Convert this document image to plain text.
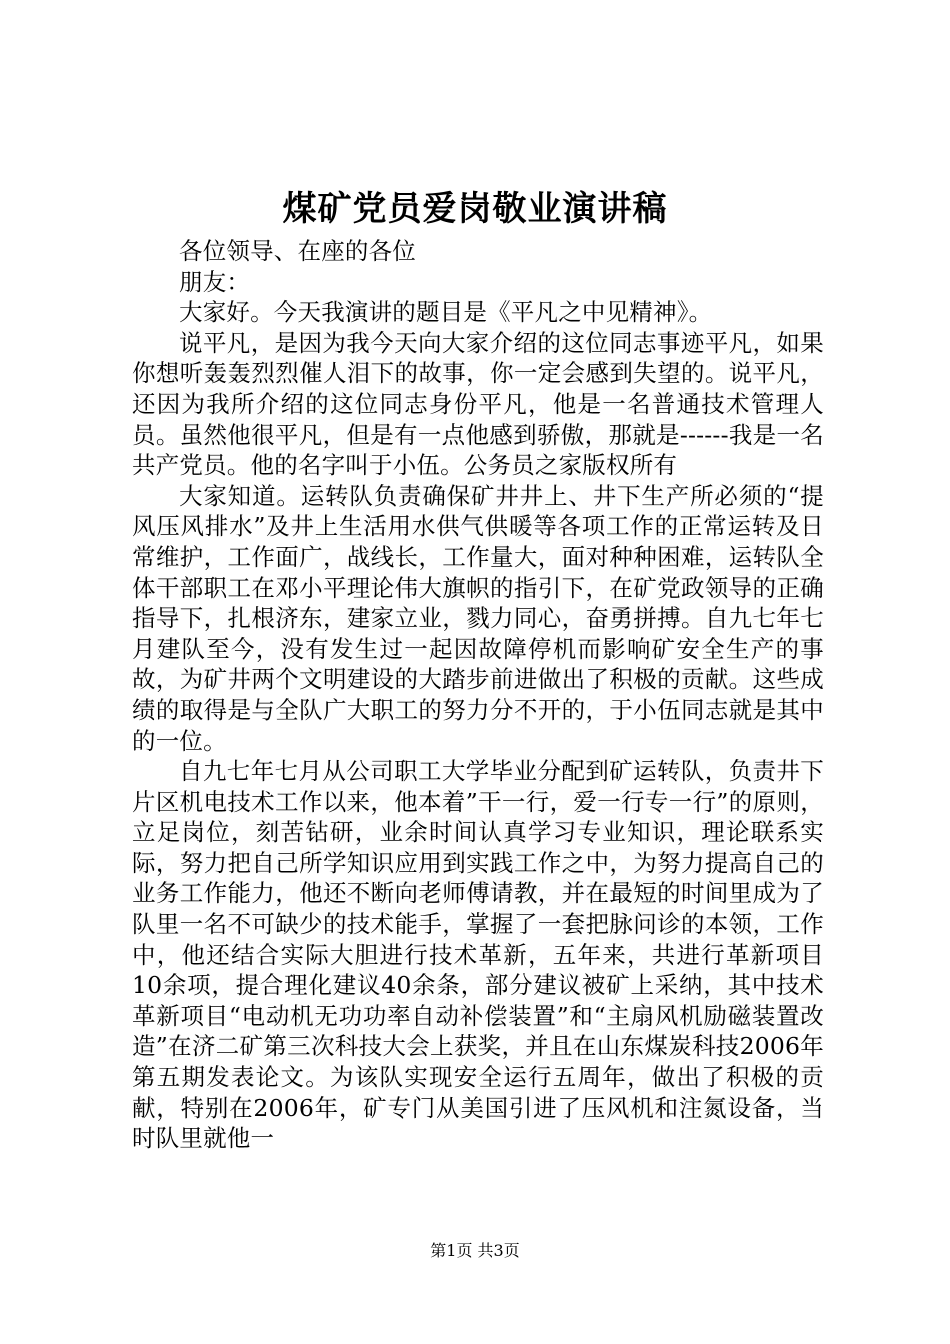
煤矿党员爱岗敬业演讲稿

各位领导、在座的各位

朋友：

大家好。今天我演讲的题目是《平凡之中见精神》。

说平凡，是因为我今天向大家介绍的这位同志事迹平凡，如果你想听轰轰烈烈催人泪下的故事，你一定会感到失望的。说平凡，还因为我所介绍的这位同志身份平凡，他是一名普通技术管理人员。虽然他很平凡，但是有一点他感到骄傲，那就是------我是一名共产党员。他的名字叫于小伍。公务员之家版权所有

大家知道。运转队负责确保矿井井上、井下生产所必须的“提风压风排水”及井上生活用水供气供暖等各项工作的正常运转及日常维护，工作面广，战线长，工作量大，面对种种困难，运转队全体干部职工在邓小平理论伟大旗帜的指引下，在矿党政领导的正确指导下，扎根济东，建家立业，戮力同心，奋勇拼搏。自九七年七月建队至今，没有发生过一起因故障停机而影响矿安全生产的事故，为矿井两个文明建设的大踏步前进做出了积极的贡献。这些成绩的取得是与全队广大职工的努力分不开的，于小伍同志就是其中的一位。

自九七年七月从公司职工大学毕业分配到矿运转队，负责井下片区机电技术工作以来，他本着”干一行，爱一行专一行”的原则，立足岗位，刻苦钻研，业余时间认真学习专业知识，理论联系实际，努力把自己所学知识应用到实践工作之中，为努力提高自己的业务工作能力，他还不断向老师傅请教，并在最短的时间里成为了队里一名不可缺少的技术能手，掌握了一套把脉问诊的本领，工作中，他还结合实际大胆进行技术革新，五年来，共进行革新项目10余项，提合理化建议40余条，部分建议被矿上采纳，其中技术革新项目“电动机无功功率自动补偿装置”和“主扇风机励磁装置改造”在济二矿第三次科技大会上获奖，并且在山东煤炭科技2006年第五期发表论文。为该队实现安全运行五周年，做出了积极的贡献，特别在2006年，矿专门从美国引进了压风机和注氮设备，当时队里就他一

第1页 共3页
